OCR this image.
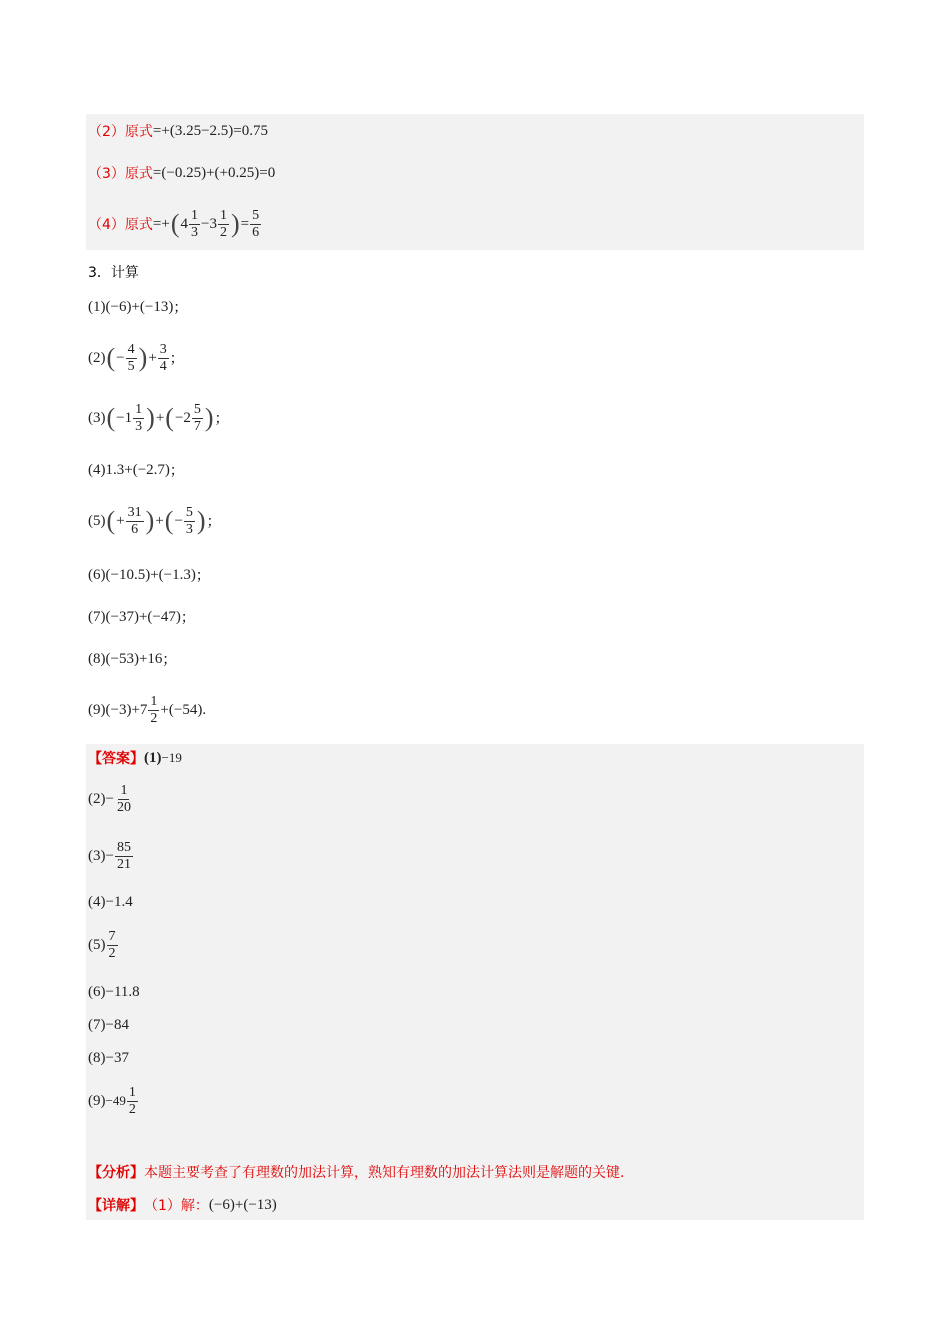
（2）原式 =+(3.25−2.5)=0.75
（3）原式 =(−0.25)+(+0.25)=0
（4）原式 =+ ( $4 \frac{1}{3} -3 \frac{1}{2}$ ) = $\frac{5}{6}$
3．计算
(1) (−6)+(−13) ；
(2) ( − $\frac{4}{5}$ ) + $\frac{3}{4}$ ；
(3) ( $-1 \frac{1}{3}$ ) + ( $-2 \frac{5}{7}$ ) ；
(4) 1.3+(−2.7) ；
(5) ( + $\frac{31}{6}$ ) + ( − $\frac{5}{3}$ ) ；
(6) (−10.5)+(−1.3) ；
(7) (−37)+(−47) ；
(8) (−53)+16 ；
(9) $(-3)+7 \frac{1}{2} +(-54)$ .
【答案】 (1) −19
$(2) - \frac{1}{20}$
$(3) - \frac{85}{21}$
(4) −1.4
$(5) \frac{7}{2}$
(6) −11.8
(7) −84
(8) −37
$(9) -49 \frac{1}{2}$
【分析】 本题主要考查了有理数的加法计算，熟知有理数的加法计算法则是解题的关键.
【详解】 （1）解： (−6)+(−13)
